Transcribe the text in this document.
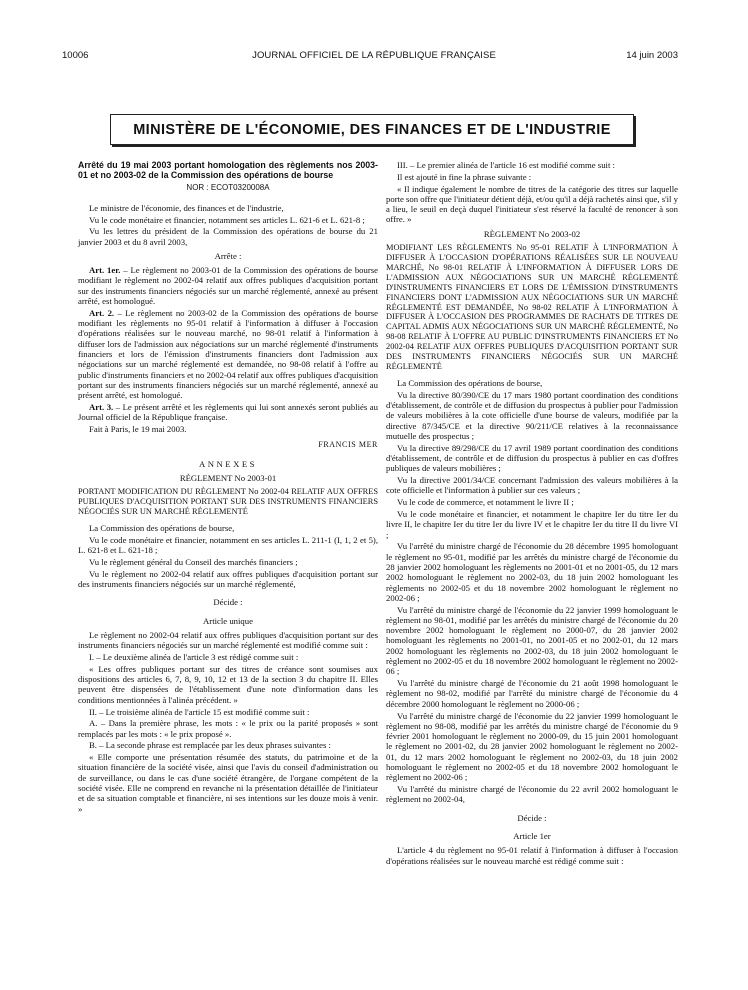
10006	JOURNAL OFFICIEL DE LA RÉPUBLIQUE FRANÇAISE	14 juin 2003
MINISTÈRE DE L'ÉCONOMIE, DES FINANCES ET DE L'INDUSTRIE

Arrêté du 19 mai 2003 portant homologation des règlements nos 2003-01 et no 2003-02 de la Commission des opérations de bourse

NOR : ECOT0320008A

Le ministre de l'économie, des finances et de l'industrie,

Vu le code monétaire et financier, notamment ses articles L. 621-6 et L. 621-8 ;

Vu les lettres du président de la Commission des opérations de bourse du 21 janvier 2003 et du 8 avril 2003,

Arrête :

Art. 1er. – Le règlement no 2003-01 de la Commission des opérations de bourse modifiant le règlement no 2002-04 relatif aux offres publiques d'acquisition portant sur des instruments financiers négociés sur un marché réglementé, annexé au présent arrêté, est homologué.

Art. 2. – Le règlement no 2003-02 de la Commission des opérations de bourse modifiant les règlements no 95-01 relatif à l'information à diffuser à l'occasion d'opérations réalisées sur le nouveau marché, no 98-01 relatif à l'information à diffuser lors de l'admission aux négociations sur un marché réglementé d'instruments financiers et lors de l'émission d'instruments financiers dont l'admission aux négociations sur un marché réglementé est demandée, no 98-08 relatif à l'offre au public d'instruments financiers et no 2002-04 relatif aux offres publiques d'acquisition portant sur des instruments financiers négociés sur un marché réglementé, annexé au présent arrêté, est homologué.

Art. 3. – Le présent arrêté et les règlements qui lui sont annexés seront publiés au Journal officiel de la République française.

Fait à Paris, le 19 mai 2003.

FRANCIS MER

ANNEXES

RÈGLEMENT No 2003-01

PORTANT MODIFICATION DU RÈGLEMENT No 2002-04 RELATIF AUX OFFRES PUBLIQUES D'ACQUISITION PORTANT SUR DES INSTRUMENTS FINANCIERS NÉGOCIÉS SUR UN MARCHÉ RÉGLEMENTÉ

La Commission des opérations de bourse,

Vu le code monétaire et financier, notamment en ses articles L. 211-1 (I, 1, 2 et 5), L. 621-8 et L. 621-18 ;

Vu le règlement général du Conseil des marchés financiers ;

Vu le règlement no 2002-04 relatif aux offres publiques d'acquisition portant sur des instruments financiers négociés sur un marché réglementé,

Décide :

Article unique

Le règlement no 2002-04 relatif aux offres publiques d'acquisition portant sur des instruments financiers négociés sur un marché réglementé est modifié comme suit :

I. – Le deuxième alinéa de l'article 3 est rédigé comme suit :

« Les offres publiques portant sur des titres de créance sont soumises aux dispositions des articles 6, 7, 8, 9, 10, 12 et 13 de la section 3 du chapitre II. Elles peuvent être dispensées de l'établissement d'une note d'information dans les conditions mentionnées à l'alinéa précédent. »

II. – Le troisième alinéa de l'article 15 est modifié comme suit :

A. – Dans la première phrase, les mots : « le prix ou la parité proposés » sont remplacés par les mots : « le prix proposé ».

B. – La seconde phrase est remplacée par les deux phrases suivantes :

« Elle comporte une présentation résumée des statuts, du patrimoine et de la situation financière de la société visée, ainsi que l'avis du conseil d'administration ou de surveillance, ou dans le cas d'une société étrangère, de l'organe compétent de la société visée. Elle ne comprend en revanche ni la présentation détaillée de l'initiateur et de sa situation comptable et financière, ni ses intentions sur les douze mois à venir. »

III. – Le premier alinéa de l'article 16 est modifié comme suit :

Il est ajouté in fine la phrase suivante :

« Il indique également le nombre de titres de la catégorie des titres sur laquelle porte son offre que l'initiateur détient déjà, et/ou qu'il a déjà rachetés ainsi que, s'il y a lieu, le seuil en deçà duquel l'initiateur s'est réservé la faculté de renoncer à son offre. »

RÈGLEMENT No 2003-02

MODIFIANT LES RÈGLEMENTS No 95-01 RELATIF À L'INFORMATION À DIFFUSER À L'OCCASION D'OPÉRATIONS RÉALISÉES SUR LE NOUVEAU MARCHÉ, No 98-01 RELATIF À L'INFORMATION À DIFFUSER LORS DE L'ADMISSION AUX NÉGOCIATIONS SUR UN MARCHÉ RÉGLEMENTÉ D'INSTRUMENTS FINANCIERS ET LORS DE L'ÉMISSION D'INSTRUMENTS FINANCIERS DONT L'ADMISSION AUX NÉGOCIATIONS SUR UN MARCHÉ RÉGLEMENTÉ EST DEMANDÉE, No 98-02 RELATIF À L'INFORMATION À DIFFUSER À L'OCCASION DES PROGRAMMES DE RACHATS DE TITRES DE CAPITAL ADMIS AUX NÉGOCIATIONS SUR UN MARCHÉ RÉGLEMENTÉ, No 98-08 RELATIF À L'OFFRE AU PUBLIC D'INSTRUMENTS FINANCIERS ET No 2002-04 RELATIF AUX OFFRES PUBLIQUES D'ACQUISITION PORTANT SUR DES INSTRUMENTS FINANCIERS NÉGOCIÉS SUR UN MARCHÉ RÉGLEMENTÉ

La Commission des opérations de bourse,

Vu la directive 80/390/CE du 17 mars 1980 portant coordination des conditions d'établissement, de contrôle et de diffusion du prospectus à publier pour l'admission de valeurs mobilières à la cote officielle d'une bourse de valeurs, modifiée par la directive 87/345/CE et la directive 90/211/CE relatives à la reconnaissance mutuelle des prospectus ;

Vu la directive 89/298/CE du 17 avril 1989 portant coordination des conditions d'établissement, de contrôle et de diffusion du prospectus à publier en cas d'offres publiques de valeurs mobilières ;

Vu la directive 2001/34/CE concernant l'admission des valeurs mobilières à la cote officielle et l'information à publier sur ces valeurs ;

Vu le code de commerce, et notamment le livre II ;

Vu le code monétaire et financier, et notamment le chapitre Ier du titre Ier du livre II, le chapitre Ier du titre Ier du livre IV et le chapitre Ier du titre II du livre VI ;

Vu l'arrêté du ministre chargé de l'économie du 28 décembre 1995 homologuant le règlement no 95-01, modifié par les arrêtés du ministre chargé de l'économie du 28 janvier 2002 homologuant les règlements no 2001-01 et no 2001-05, du 12 mars 2002 homologuant le règlement no 2002-03, du 18 juin 2002 homologuant les règlements no 2002-05 et du 18 novembre 2002 homologuant le règlement no 2002-06 ;

Vu l'arrêté du ministre chargé de l'économie du 22 janvier 1999 homologuant le règlement no 98-01, modifié par les arrêtés du ministre chargé de l'économie du 20 novembre 2002 homologuant le règlement no 2000-07, du 28 janvier 2002 homologuant les règlements no 2001-01, no 2001-05 et no 2002-01, du 12 mars 2002 homologuant les règlements no 2002-03, du 18 juin 2002 homologuant le règlement no 2002-05 et du 18 novembre 2002 homologuant le règlement no 2002-06 ;

Vu l'arrêté du ministre chargé de l'économie du 21 août 1998 homologuant le règlement no 98-02, modifié par l'arrêté du ministre chargé de l'économie du 4 décembre 2000 homologuant le règlement no 2000-06 ;

Vu l'arrêté du ministre chargé de l'économie du 22 janvier 1999 homologuant le règlement no 98-08, modifié par les arrêtés du ministre chargé de l'économie du 9 février 2001 homologuant le règlement no 2000-09, du 15 juin 2001 homologuant le règlement no 2001-02, du 28 janvier 2002 homologuant le règlement no 2002-01, du 12 mars 2002 homologuant le règlement no 2002-03, du 18 juin 2002 homologuant le règlement no 2002-05 et du 18 novembre 2002 homologuant le règlement no 2002-06 ;

Vu l'arrêté du ministre chargé de l'économie du 22 avril 2002 homologuant le règlement no 2002-04,

Décide :

Article 1er

L'article 4 du règlement no 95-01 relatif à l'information à diffuser à l'occasion d'opérations réalisées sur le nouveau marché est rédigé comme suit :
